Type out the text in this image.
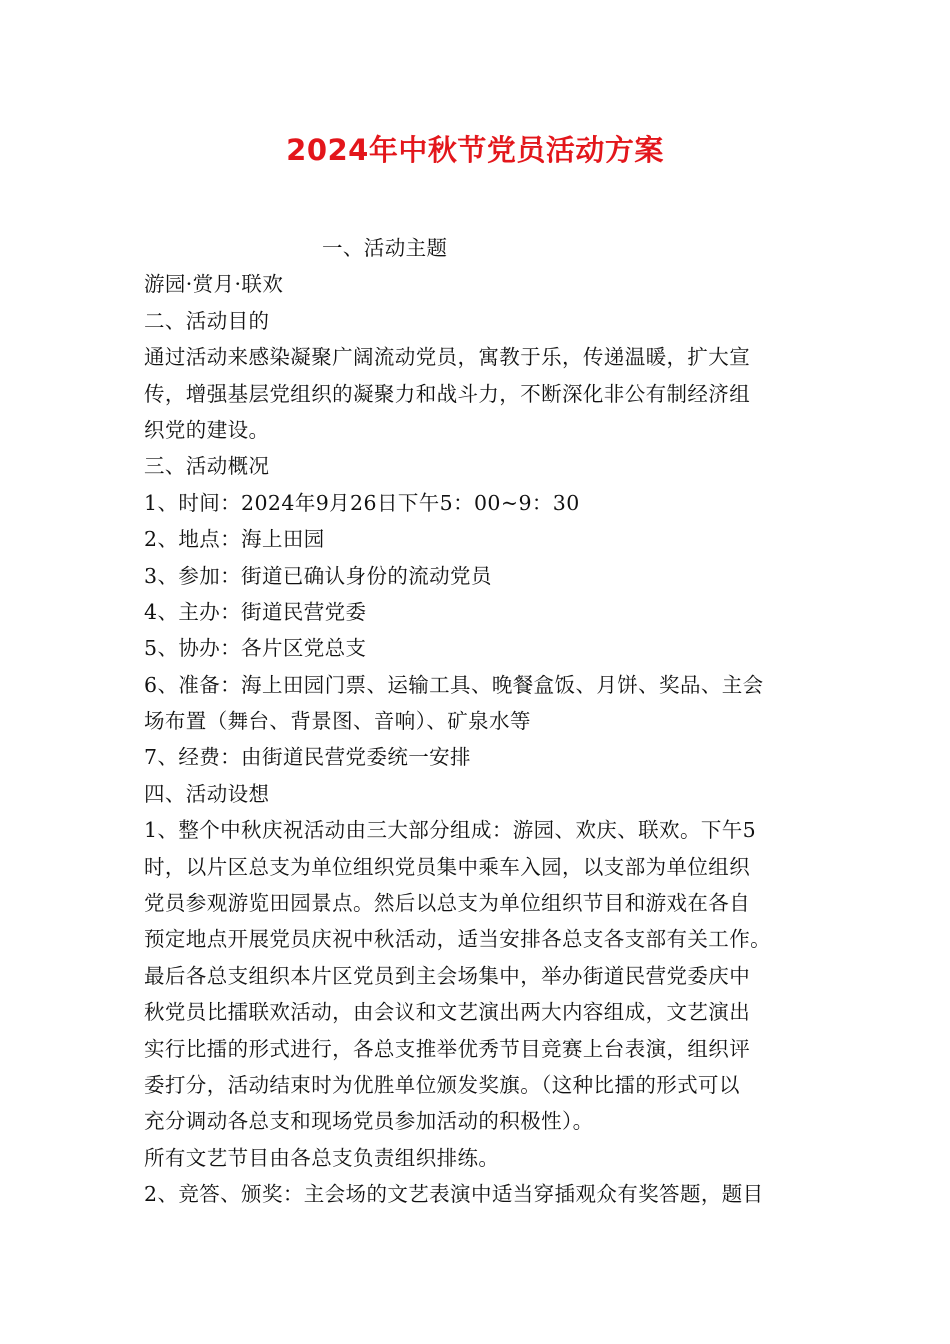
2024年中秋节党员活动方案

一、活动主题

游园·赏月·联欢

二、活动目的

通过活动来感染凝聚广阔流动党员，寓教于乐，传递温暖，扩大宣

传，增强基层党组织的凝聚力和战斗力，不断深化非公有制经济组

织党的建设。

三、活动概况

1、时间：2024年9月26日下午5：00~9：30

2、地点：海上田园

3、参加：街道已确认身份的流动党员

4、主办：街道民营党委

5、协办：各片区党总支

6、准备：海上田园门票、运输工具、晚餐盒饭、月饼、奖品、主会

场布置（舞台、背景图、音响）、矿泉水等

7、经费：由街道民营党委统一安排

四、活动设想

1、整个中秋庆祝活动由三大部分组成：游园、欢庆、联欢。下午5

时，以片区总支为单位组织党员集中乘车入园，以支部为单位组织

党员参观游览田园景点。然后以总支为单位组织节目和游戏在各自

预定地点开展党员庆祝中秋活动，适当安排各总支各支部有关工作。

最后各总支组织本片区党员到主会场集中，举办街道民营党委庆中

秋党员比擂联欢活动，由会议和文艺演出两大内容组成，文艺演出

实行比擂的形式进行，各总支推举优秀节目竞赛上台表演，组织评

委打分，活动结束时为优胜单位颁发奖旗。（这种比擂的形式可以

充分调动各总支和现场党员参加活动的积极性）。

所有文艺节目由各总支负责组织排练。

2、竞答、颁奖：主会场的文艺表演中适当穿插观众有奖答题，题目
